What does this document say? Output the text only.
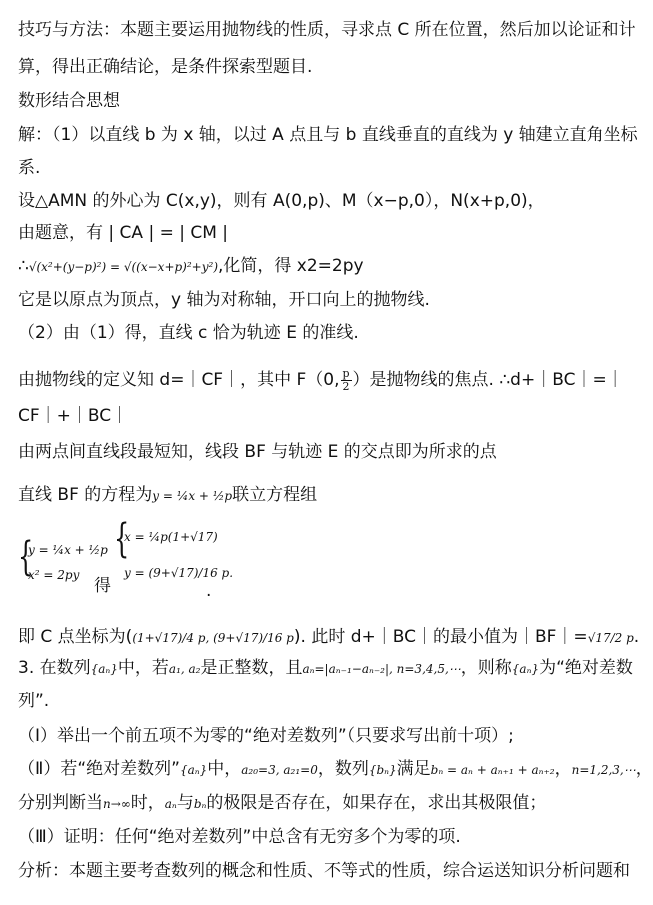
技巧与方法：本题主要运用抛物线的性质，寻求点 C 所在位置，然后加以论证和计
算，得出正确结论，是条件探索型题目.
数形结合思想
解：（1）以直线 b 为 x 轴，以过 A 点且与 b 直线垂直的直线为 y 轴建立直角坐标
系.
设△AMN 的外心为 C(x,y)，则有 A(0,p)、M（x−p,0），N(x+p,0)，
由题意，有 | CA | = | CM |
∴√(x²+(y−p)²) = √((x−x+p)²+y²),化简，得 x2=2py
它是以原点为顶点，y 轴为对称轴，开口向上的抛物线.
（2）由（1）得，直线 c 恰为轨迹 E 的准线.
由抛物线的定义知 d=｜CF｜，其中 F（0, $\frac{p}{2}$ ）是抛物线的焦点. ∴d+｜BC｜=｜
CF｜+｜BC｜
由两点间直线段最短知，线段 BF 与轨迹 E 的交点即为所求的点
直线 BF 的方程为y = ¼x + ½p联立方程组
{
y = ¼x + ½p
x² = 2py
得
{
x = ¼p(1+√17)
y = (9+√17)/16 p.
.
即 C 点坐标为((1+√17)/4 p, (9+√17)/16 p). 此时 d+｜BC｜的最小值为｜BF｜=√17/2 p.
3. 在数列{aₙ}中，若a₁, a₂是正整数，且aₙ=|aₙ₋₁−aₙ₋₂|, n=3,4,5,⋯，则称{aₙ}为“绝对差数
列”.
（Ⅰ）举出一个前五项不为零的“绝对差数列”（只要求写出前十项）;
（Ⅱ）若“绝对差数列”{aₙ}中，a₂₀=3, a₂₁=0，数列{bₙ}满足bₙ = aₙ + aₙ₊₁ + aₙ₊₂，n=1,2,3,⋯，
分别判断当n→∞时，aₙ与bₙ的极限是否存在，如果存在，求出其极限值；
（Ⅲ）证明：任何“绝对差数列”中总含有无穷多个为零的项.
分析：本题主要考查数列的概念和性质、不等式的性质，综合运送知识分析问题和
